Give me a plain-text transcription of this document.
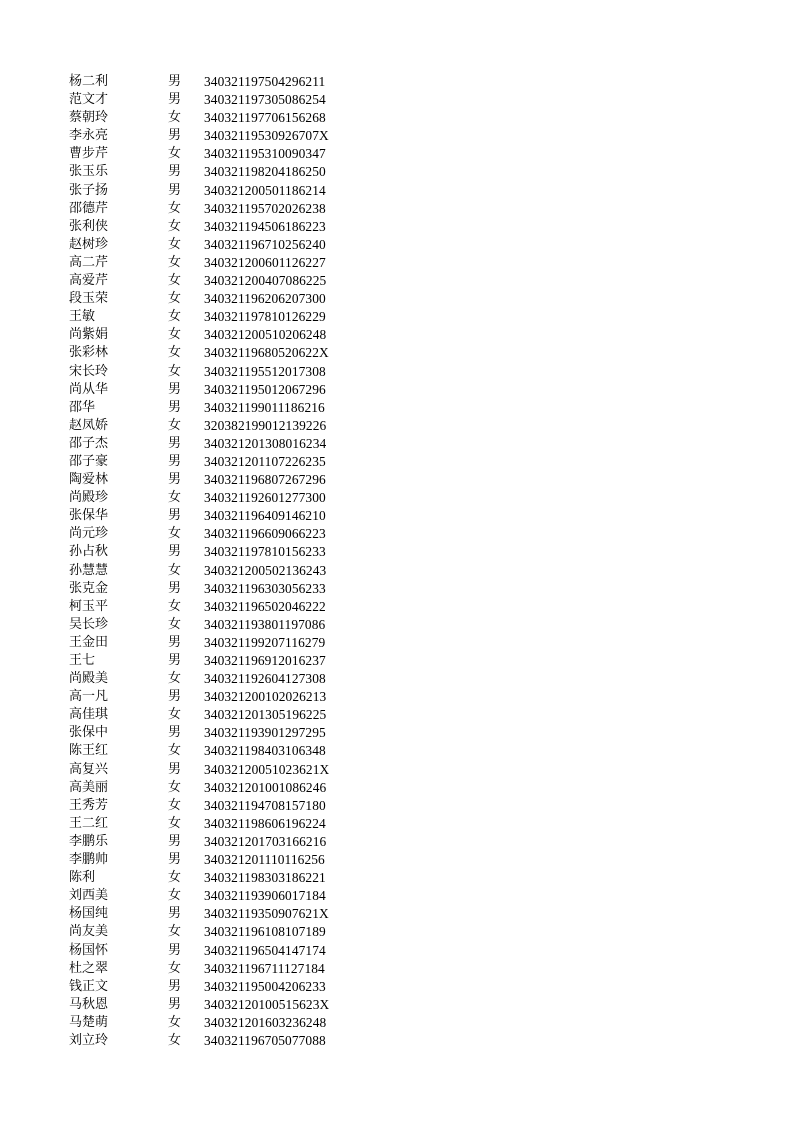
杨二利	男 340321197504296211
范文才	男 340321197305086254
蔡朝玲	女 340321197706156268
李永亮	男 34032119530926707X
曹步芹	女 340321195310090347
张玉乐	男 340321198204186250
张子扬	男 340321200501186214
邵德芹	女 340321195702026238
张利侠	女 340321194506186223
赵树珍	女 340321196710256240
高二芹	女 340321200601126227
高爱芹	女 340321200407086225
段玉荣	女 340321196206207300
王敏	女 340321197810126229
尚紫娟	女 340321200510206248
张彩林	女 34032119680520622X
宋长玲	女 340321195512017308
尚从华	男 340321195012067296
邵华	男 340321199011186216
赵凤娇	女 320382199012139226
邵子杰	男 340321201308016234
邵子豪	男 340321201107226235
陶爱林	男 340321196807267296
尚殿珍	女 340321192601277300
张保华	男 340321196409146210
尚元珍	女 340321196609066223
孙占秋	男 340321197810156233
孙慧慧	女 340321200502136243
张克金	男 340321196303056233
柯玉平	女 340321196502046222
吴长珍	女 340321193801197086
王金田	男 340321199207116279
王七	男 340321196912016237
尚殿美	女 340321192604127308
高一凡	男 340321200102026213
高佳琪	女 340321201305196225
张保中	男 340321193901297295
陈王红	女 340321198403106348
高复兴	男 34032120051023621X
高美丽	女 340321201001086246
王秀芳	女 340321194708157180
王二红	女 340321198606196224
李鹏乐	男 340321201703166216
李鹏帅	男 340321201110116256
陈利	女 340321198303186221
刘西美	女 340321193906017184
杨国纯	男 34032119350907621X
尚友美	女 340321196108107189
杨国怀	男 340321196504147174
杜之翠	女 340321196711127184
钱正文	男 340321195004206233
马秋恩	男 34032120100515623X
马楚萌	女 340321201603236248
刘立玲	女 340321196705077088
